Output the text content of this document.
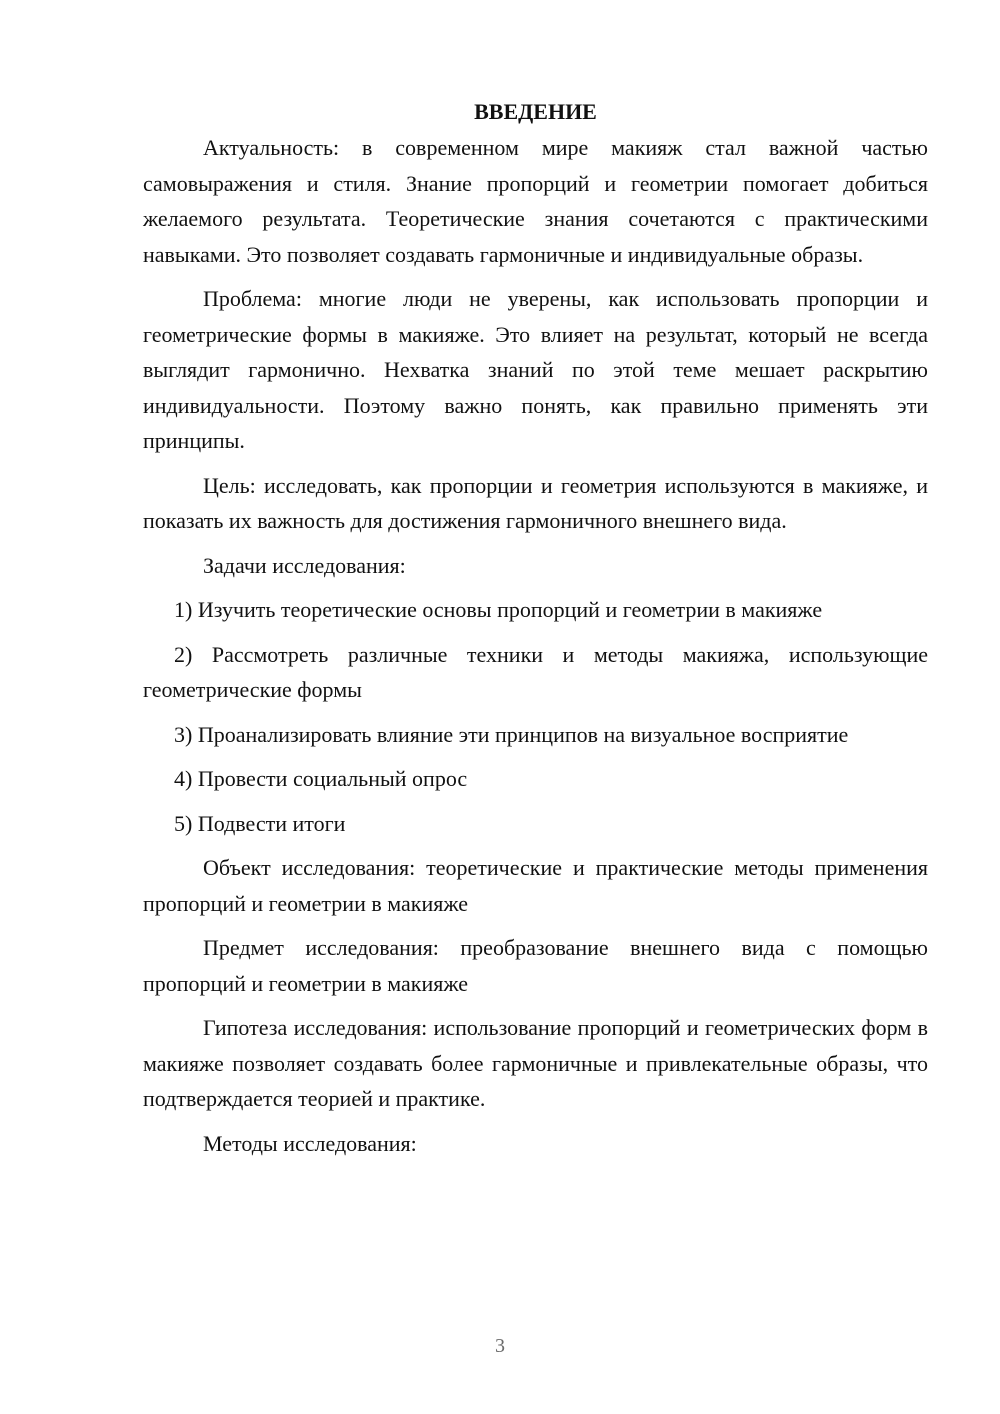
ВВЕДЕНИЕ

Актуальность: в современном мире макияж стал важной частью самовыражения и стиля. Знание пропорций и геометрии помогает добиться желаемого результата. Теоретические знания сочетаются с практическими навыками. Это позволяет создавать гармоничные и индивидуальные образы.

Проблема: многие люди не уверены, как использовать пропорции и геометрические формы в макияже. Это влияет на результат, который не всегда выглядит гармонично. Нехватка знаний по этой теме мешает раскрытию индивидуальности. Поэтому важно понять, как правильно применять эти принципы.

Цель: исследовать, как пропорции и геометрия используются в макияже, и показать их важность для достижения гармоничного внешнего вида.

Задачи исследования:

1) Изучить теоретические основы пропорций и геометрии в макияже

2) Рассмотреть различные техники и методы макияжа, использующие геометрические формы

3) Проанализировать влияние эти принципов на визуальное восприятие

4) Провести социальный опрос

5) Подвести итоги

Объект исследования: теоретические и практические методы применения пропорций и геометрии в макияже

Предмет исследования: преобразование внешнего вида с помощью пропорций и геометрии в макияже

Гипотеза исследования: использование пропорций и геометрических форм в макияже позволяет создавать более гармоничные и привлекательные образы, что подтверждается теорией и практике.

Методы исследования:

3
